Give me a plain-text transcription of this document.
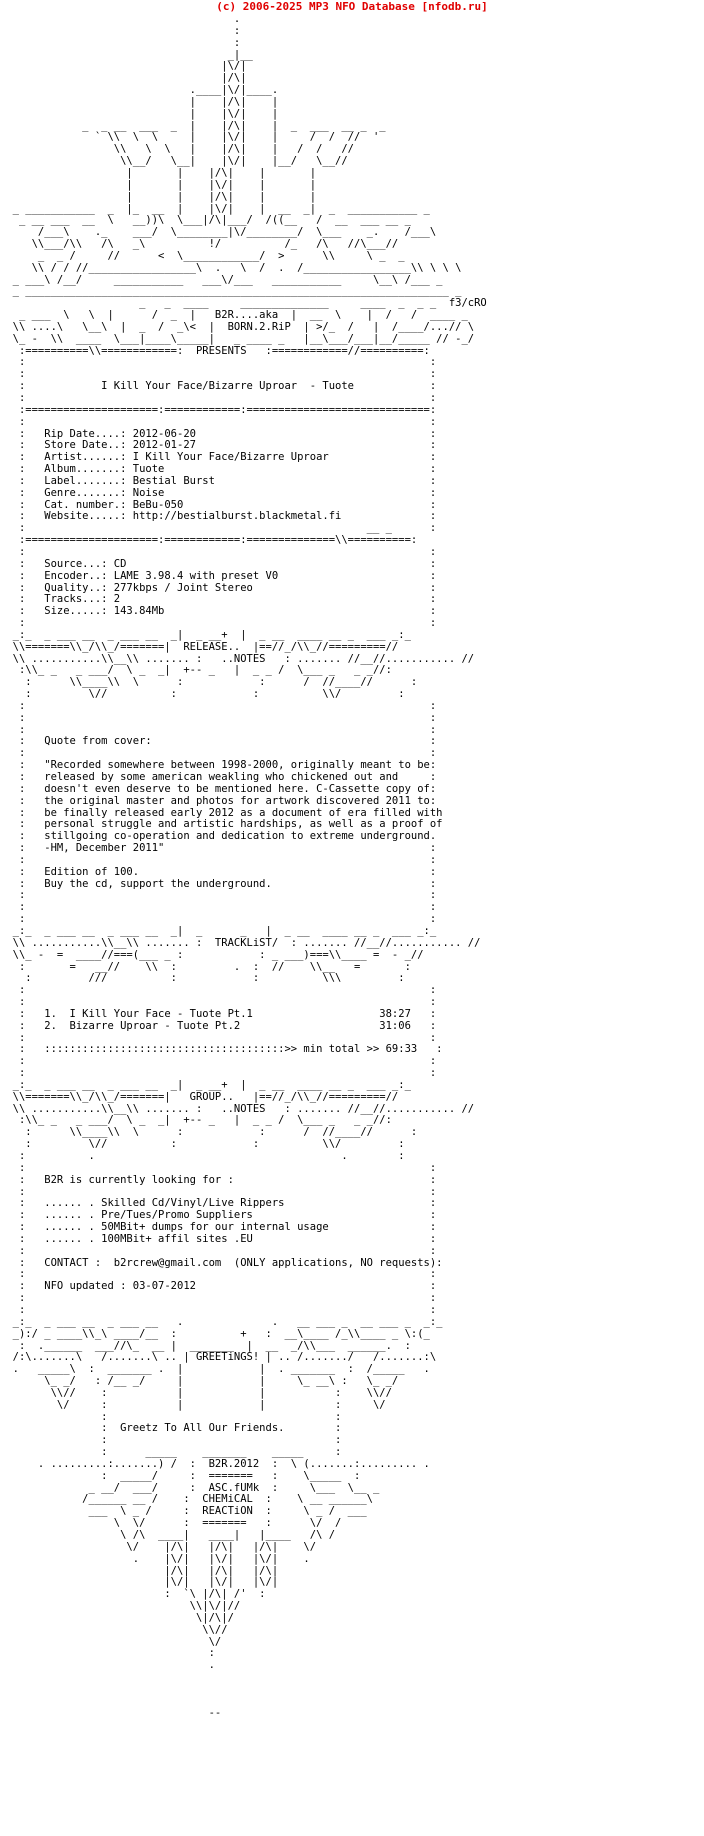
(c) 2006-2025 MP3 NFO Database [nfodb.ru]
.
:
:
_|__
|\/|
|/\|
.____|\/|____.
|    |/\|    |
|    |\/|    |
_  _ __  ___  _  |    |/\|    |  _  ___  __ _  _
` \\  \  \     |    |\/|    |     /  /  //  '
\\   \  \   |    |/\|    |   /  /   //
\\__/   \__|    |\/|    |__/   \__//
|       |    |/\|    |       |
|       |    |\/|    |       |
|       |    |/\|    |       |
_ ___________  _  |_  __  |    |\/|    |  __  _|  _  ___________ _
_ __ ___  __  \   __))\  \___|/\|___/  /((__   /  __  ___ __ _
/___\    ._    ___/  \________|\/________/  \___    _.    /___\
\\___/\\   /\   _\          !/          /_   /\   //\___//
_  _ /     //      <  \____________/  >      \\     \ _  _
\\ / / //_________________\  .   \  /  .  /_________________\\ \ \ \
_ ___\ /__/     ___________   ___\/___   ___________     \__\ /___ _
_ ___________________________________________________________________ _
_   _  ____     ______________     ____  _  _ _  f3/cRO
_ ___  \   \  |      /  _  |   B2R....aka  |  __  \    |  /   /  ____ _
\\ ....\   \__\  |  _  /  _\<  |  BORN.2.RiP  | >/_  /   |  /____/...// \
\_ -  \\  ____  \___|____\_____|   _ ____ _   |__\___/___|__/_____ // -_/
:==========\\============:  PRESENTS   :============//==========:
:                                                                :
:                                                                :
:            I Kill Your Face/Bizarre Uproar  - Tuote            :
:                                                                :
:=====================:============:=============================:
:                                                                :
:   Rip Date....: 2012-06-20                                     :
:   Store Date..: 2012-01-27                                     :
:   Artist......: I Kill Your Face/Bizarre Uproar                :
:   Album.......: Tuote                                          :
:   Label.......: Bestial Burst                                  :
:   Genre.......: Noise                                          :
:   Cat. number.: BeBu-050                                       :
:   Website.....: http://bestialburst.blackmetal.fi              :
:                                                      __ _      :
:=====================:============:==============\\==========:
:                                                                :
:   Source...: CD                                                :
:   Encoder..: LAME 3.98.4 with preset V0                        :
:   Quality..: 277kbps / Joint Stereo                            :
:   Tracks...: 2                                                 :
:   Size.....: 143.84Mb                                          :
:                                                                :
_:_  _ ___ __  _ ___ __  _|  _ __+  |  _ __  ____ __ _  ___ _:_
\\=======\\_/\\_/=======|  RELEASE..  |==//_/\\_//=========//
\\ ...........\\__\\ ....... :   ..NOTES   : ....... //__//........... //
:\\_ _   _ ___/  \ _  _|  +-- _   |  _ _ /  \___ _   _ _//:
:      \\____\\  \      :            :      /  //____//      :
:         \//          :            :          \\/         :
:                                                                :
:                                                                :
:                                                                :
:   Quote from cover:                                            :
:                                                                :
:   "Recorded somewhere between 1998-2000, originally meant to be:
:   released by some american weakling who chickened out and     :
:   doesn't even deserve to be mentioned here. C-Cassette copy of:
:   the original master and photos for artwork discovered 2011 to:
:   be finally released early 2012 as a document of era filled with
:   personal struggle and artistic hardships, as well as a proof of
:   stillgoing co-operation and dedication to extreme underground.
:   -HM, December 2011"                                          :
:                                                                :
:   Edition of 100.                                              :
:   Buy the cd, support the underground.                         :
:                                                                :
:                                                                :
:                                                                :
_:_  _ ___ __  _ ___ __  _|  _      _   |  _ __  ____ __ _  ___ _:_
\\ ...........\\__\\ ....... :  TRACKLiST/  : ....... //__//........... //
\\_ -  =  ____//===(___ _ :            : _ ___)===\\____ =  - _//
:       =   __//    \\  :         .  :  //    \\__   =       :
:         ///          :            :          \\\         :
:                                                                :
:                                                                :
:   1.  I Kill Your Face - Tuote Pt.1                    38:27   :
:   2.  Bizarre Uproar - Tuote Pt.2                      31:06   :
:                                                                :
:   ::::::::::::::::::::::::::::::::::::::>> min total >> 69:33   :
:                                                                :
:                                                                :
_:_  _ ___ __  _ ___ __  _|  _ __+  |  _ __  ____ __ _  ___ _:_
\\=======\\_/\\_/=======|   GROUP..   |==//_/\\_//=========//
\\ ...........\\__\\ ....... :   ..NOTES   : ....... //__//........... //
:\\_ _   _ ___/  \ _  _|  +-- _   |  _ _ /  \___ _   _ _//:
:      \\____\\  \      :            :      /  //____//      :
:         \//          :            :          \\/         :
:          .                                       .        :
:                                                                :
:   B2R is currently looking for :                               :
:                                                                :
:   ...... . Skilled Cd/Vinyl/Live Rippers                       :
:   ...... . Pre/Tues/Promo Suppliers                            :
:   ...... . 50MBit+ dumps for our internal usage                :
:   ...... . 100MBit+ affil sites .EU                            :
:                                                                :
:   CONTACT :  b2rcrew@gmail.com  (ONLY applications, NO requests):
:                                                                :
:   NFO updated : 03-07-2012                                     :
:                                                                :
:                                                                :
_:_  _ ___ __  _ ___ __   .              .   __ ___ _  __ ___ _  _:_
_):/ _ ____\\_\ ____/__  :          +   :  __\____ /_\\____ _ \:(_
:  .______  ___//\_  __ |  _______  |  __  _/\\___  ______.  :
/:\.......\   /.......\ .. | GREETiNGS! | .. /......./   /.......:\
.   _____\  :  _______ .  |            |  . _______  :  /_____   .
\_ _/   : /__ _/     |            |     \_ __\ :   \_ _/
\\//    :           |            |           :    \\//
\/     :           |            |           :     \/
:                                    :
:  Greetz To All Our Friends.        :
:                                    :
:      _____    _______    _____     :
. .........:.......) /  :  B2R.2012  :  \ (.......:......... .
:  _____/     :  =======   :    \_____  :
_ __/  ___/     :  ASC.fUMk  :     \___  \__ _
/______ __ /    :  CHEMiCAL  :    \ __ ______\
___  \ _ /     :  REACTiON  :     \ _ /  ___
\  \/      :  =======   :      \/  /
\ /\  ____|   ____|   |____   /\ /
\/    |/\|   |/\|   |/\|    \/
.    |\/|   |\/|   |\/|    .
|/\|   |/\|   |/\|
|\/|   |\/|   |\/|
:  `\ |/\| /'  :
\\|\/|//
\|/\|/
\\//
\/
:
.

--
